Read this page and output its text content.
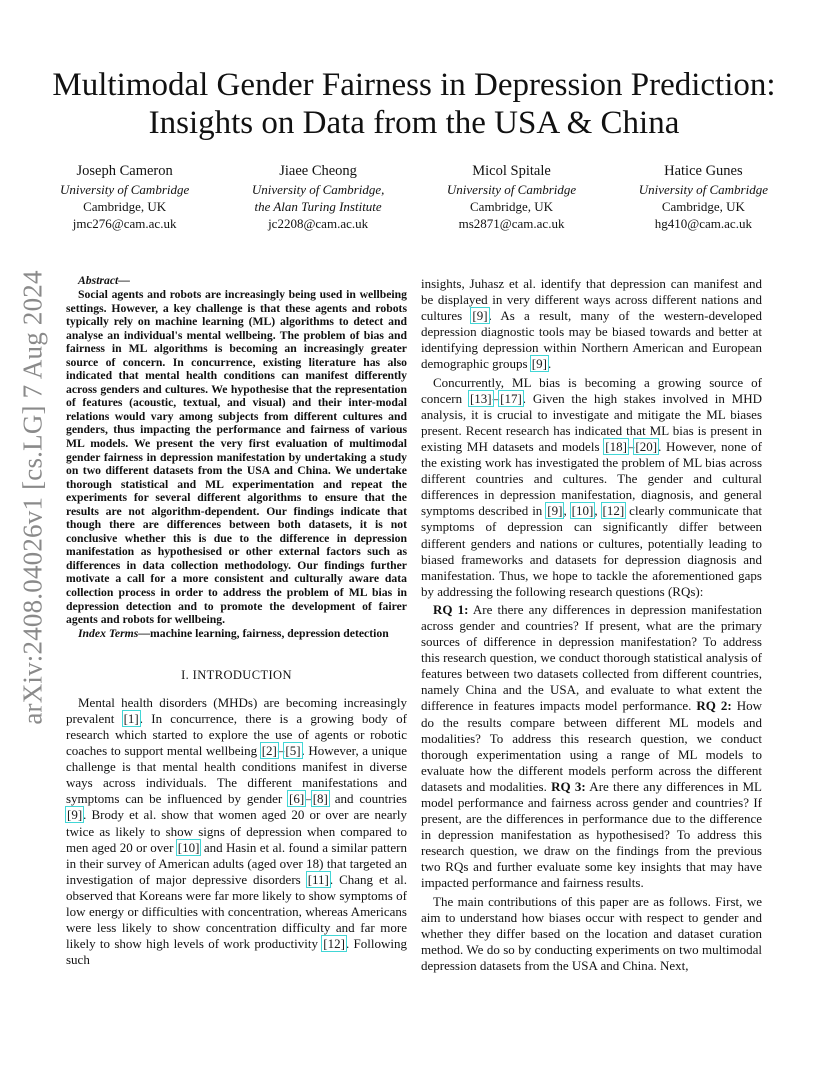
arXiv:2408.04026v1 [cs.LG] 7 Aug 2024
Multimodal Gender Fairness in Depression Prediction: Insights on Data from the USA & China
Joseph Cameron
University of Cambridge
Cambridge, UK
jmc276@cam.ac.uk
Jiaee Cheong
University of Cambridge,
the Alan Turing Institute
jc2208@cam.ac.uk
Micol Spitale
University of Cambridge
Cambridge, UK
ms2871@cam.ac.uk
Hatice Gunes
University of Cambridge
Cambridge, UK
hg410@cam.ac.uk
Abstract—

Social agents and robots are increasingly being used in wellbeing settings. However, a key challenge is that these agents and robots typically rely on machine learning (ML) algorithms to detect and analyse an individual's mental wellbeing. The problem of bias and fairness in ML algorithms is becoming an increasingly greater source of concern. In concurrence, existing literature has also indicated that mental health conditions can manifest differently across genders and cultures. We hypothesise that the representation of features (acoustic, textual, and visual) and their inter-modal relations would vary among subjects from different cultures and genders, thus impacting the performance and fairness of various ML models. We present the very first evaluation of multimodal gender fairness in depression manifestation by undertaking a study on two different datasets from the USA and China. We undertake thorough statistical and ML experimentation and repeat the experiments for several different algorithms to ensure that the results are not algorithm-dependent. Our findings indicate that though there are differences between both datasets, it is not conclusive whether this is due to the difference in depression manifestation as hypothesised or other external factors such as differences in data collection methodology. Our findings further motivate a call for a more consistent and culturally aware data collection process in order to address the problem of ML bias in depression detection and to promote the development of fairer agents and robots for wellbeing.

Index Terms—machine learning, fairness, depression detection

I. INTRODUCTION

Mental health disorders (MHDs) are becoming increasingly prevalent [1]. In concurrence, there is a growing body of research which started to explore the use of agents or robotic coaches to support mental wellbeing [2]–[5]. However, a unique challenge is that mental health conditions manifest in diverse ways across individuals. The different manifestations and symptoms can be influenced by gender [6]–[8] and countries [9]. Brody et al. show that women aged 20 or over are nearly twice as likely to show signs of depression when compared to men aged 20 or over [10] and Hasin et al. found a similar pattern in their survey of American adults (aged over 18) that targeted an investigation of major depressive disorders [11]. Chang et al. observed that Koreans were far more likely to show symptoms of low energy or difficulties with concentration, whereas Americans were less likely to show concentration difficulty and far more likely to show high levels of work productivity [12]. Following such

insights, Juhasz et al. identify that depression can manifest and be displayed in very different ways across different nations and cultures [9]. As a result, many of the western-developed depression diagnostic tools may be biased towards and better at identifying depression within Northern American and European demographic groups [9].

Concurrently, ML bias is becoming a growing source of concern [13]–[17]. Given the high stakes involved in MHD analysis, it is crucial to investigate and mitigate the ML biases present. Recent research has indicated that ML bias is present in existing MH datasets and models [18]–[20]. However, none of the existing work has investigated the problem of ML bias across different countries and cultures. The gender and cultural differences in depression manifestation, diagnosis, and general symptoms described in [9], [10], [12] clearly communicate that symptoms of depression can significantly differ between different genders and nations or cultures, potentially leading to biased frameworks and datasets for depression diagnosis and manifestation. Thus, we hope to tackle the aforementioned gaps by addressing the following research questions (RQs):

RQ 1: Are there any differences in depression manifestation across gender and countries? If present, what are the primary sources of difference in depression manifestation? To address this research question, we conduct thorough statistical analysis of features between two datasets collected from different countries, namely China and the USA, and evaluate to what extent the difference in features impacts model performance. RQ 2: How do the results compare between different ML models and modalities? To address this research question, we conduct thorough experimentation using a range of ML models to evaluate how the different models perform across the different datasets and modalities. RQ 3: Are there any differences in ML model performance and fairness across gender and countries? If present, are the differences in performance due to the difference in depression manifestation as hypothesised? To address this research question, we draw on the findings from the previous two RQs and further evaluate some key insights that may have impacted performance and fairness results.

The main contributions of this paper are as follows. First, we aim to understand how biases occur with respect to gender and whether they differ based on the location and dataset curation method. We do so by conducting experiments on two multimodal depression datasets from the USA and China. Next,
